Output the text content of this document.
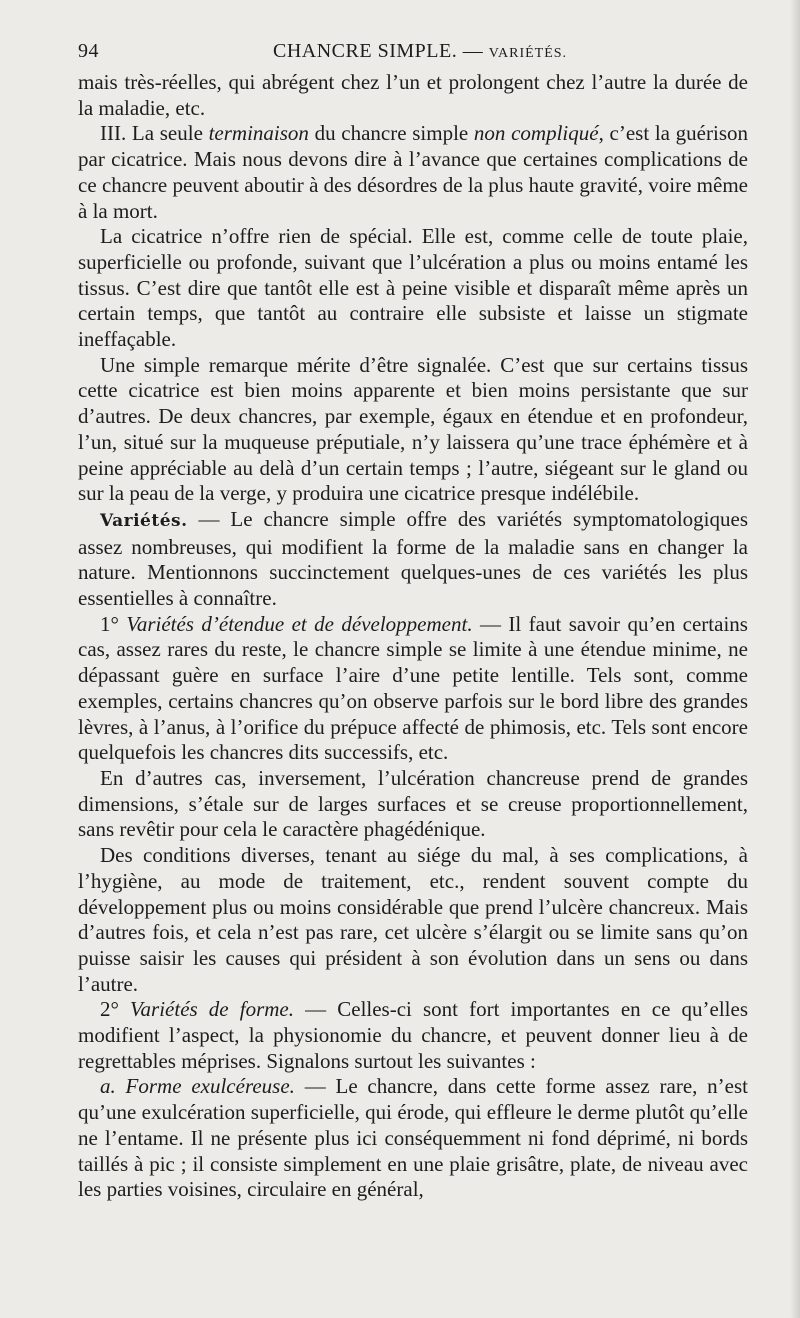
94	CHANCRE SIMPLE. — VARIÉTÉS.

mais très-réelles, qui abrégent chez l’un et prolongent chez l’autre la durée de la maladie, etc.

III. La seule terminaison du chancre simple non compliqué, c’est la guérison par cicatrice. Mais nous devons dire à l’avance que certaines complications de ce chancre peuvent aboutir à des désordres de la plus haute gravité, voire même à la mort.

La cicatrice n’offre rien de spécial. Elle est, comme celle de toute plaie, superficielle ou profonde, suivant que l’ulcération a plus ou moins entamé les tissus. C’est dire que tantôt elle est à peine visible et disparaît même après un certain temps, que tantôt au contraire elle subsiste et laisse un stigmate ineffaçable.

Une simple remarque mérite d’être signalée. C’est que sur certains tissus cette cicatrice est bien moins apparente et bien moins persistante que sur d’autres. De deux chancres, par exemple, égaux en étendue et en profondeur, l’un, situé sur la muqueuse préputiale, n’y laissera qu’une trace éphémère et à peine appréciable au delà d’un certain temps ; l’autre, siégeant sur le gland ou sur la peau de la verge, y produira une cicatrice presque indélébile.

Variétés. — Le chancre simple offre des variétés symptomatologiques assez nombreuses, qui modifient la forme de la maladie sans en changer la nature. Mentionnons succinctement quelques-unes de ces variétés les plus essentielles à connaître.

1° Variétés d’étendue et de développement. — Il faut savoir qu’en certains cas, assez rares du reste, le chancre simple se limite à une étendue minime, ne dépassant guère en surface l’aire d’une petite lentille. Tels sont, comme exemples, certains chancres qu’on observe parfois sur le bord libre des grandes lèvres, à l’anus, à l’orifice du prépuce affecté de phimosis, etc. Tels sont encore quelquefois les chancres dits successifs, etc.

En d’autres cas, inversement, l’ulcération chancreuse prend de grandes dimensions, s’étale sur de larges surfaces et se creuse proportionnellement, sans revêtir pour cela le caractère phagédénique.

Des conditions diverses, tenant au siége du mal, à ses complications, à l’hygiène, au mode de traitement, etc., rendent souvent compte du développement plus ou moins considérable que prend l’ulcère chancreux. Mais d’autres fois, et cela n’est pas rare, cet ulcère s’élargit ou se limite sans qu’on puisse saisir les causes qui président à son évolution dans un sens ou dans l’autre.

2° Variétés de forme. — Celles-ci sont fort importantes en ce qu’elles modifient l’aspect, la physionomie du chancre, et peuvent donner lieu à de regrettables méprises. Signalons surtout les suivantes :

a. Forme exulcéreuse. — Le chancre, dans cette forme assez rare, n’est qu’une exulcération superficielle, qui érode, qui effleure le derme plutôt qu’elle ne l’entame. Il ne présente plus ici conséquemment ni fond déprimé, ni bords taillés à pic ; il consiste simplement en une plaie grisâtre, plate, de niveau avec les parties voisines, circulaire en général,
